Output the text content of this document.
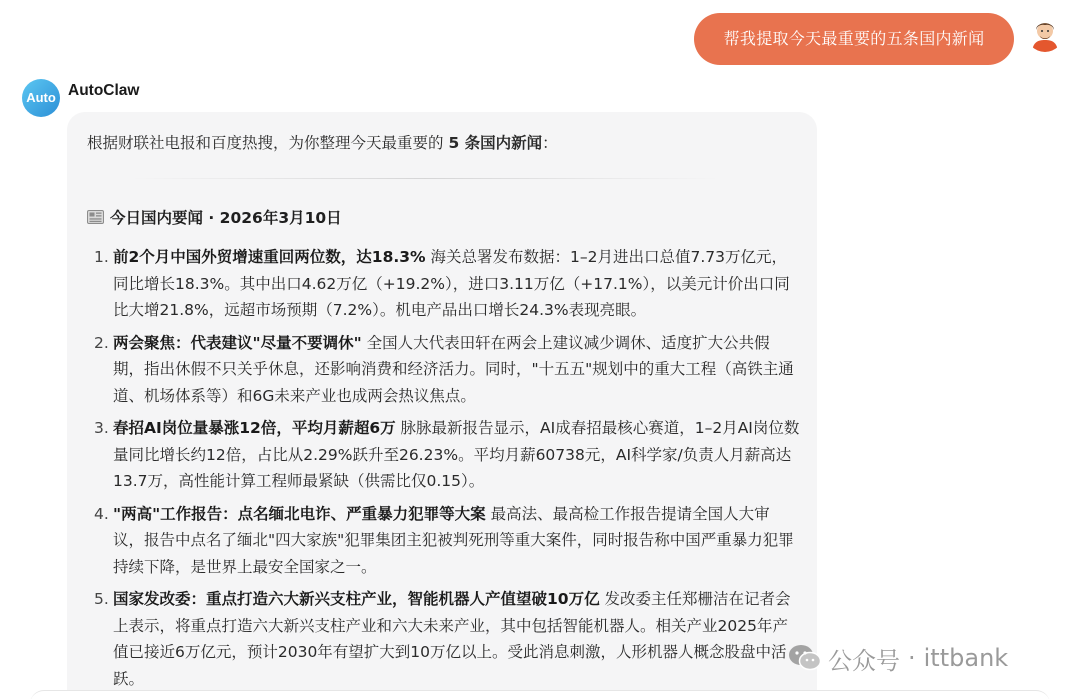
帮我提取今天最重要的五条国内新闻
Auto AutoClaw
根据财联社电报和百度热搜，为你整理今天最重要的 5 条国内新闻：
今日国内要闻 · 2026年3月10日
1. 前2个月中国外贸增速重回两位数，达18.3% 海关总署发布数据：1–2月进出口总值7.73万亿元，同比增长18.3%。其中出口4.62万亿（+19.2%），进口3.11万亿（+17.1%），以美元计价出口同比大增21.8%，远超市场预期（7.2%）。机电产品出口增长24.3%表现亮眼。
2. 两会聚焦：代表建议"尽量不要调休" 全国人大代表田轩在两会上建议减少调休、适度扩大公共假期，指出休假不只关乎休息，还影响消费和经济活力。同时，"十五五"规划中的重大工程（高铁主通道、机场体系等）和6G未来产业也成两会热议焦点。
3. 春招AI岗位量暴涨12倍，平均月薪超6万 脉脉最新报告显示，AI成春招最核心赛道，1–2月AI岗位数量同比增长约12倍，占比从2.29%跃升至26.23%。平均月薪60738元，AI科学家/负责人月薪高达13.7万，高性能计算工程师最紧缺（供需比仅0.15）。
4. "两高"工作报告：点名缅北电诈、严重暴力犯罪等大案 最高法、最高检工作报告提请全国人大审议，报告中点名了缅北"四大家族"犯罪集团主犯被判死刑等重大案件，同时报告称中国严重暴力犯罪持续下降，是世界上最安全国家之一。
5. 国家发改委：重点打造六大新兴支柱产业，智能机器人产值望破10万亿 发改委主任郑栅洁在记者会上表示，将重点打造六大新兴支柱产业和六大未来产业，其中包括智能机器人。相关产业2025年产值已接近6万亿元，预计2030年有望扩大到10万亿以上。受此消息刺激，人形机器人概念股盘中活跃。
公众号 · ittbank
